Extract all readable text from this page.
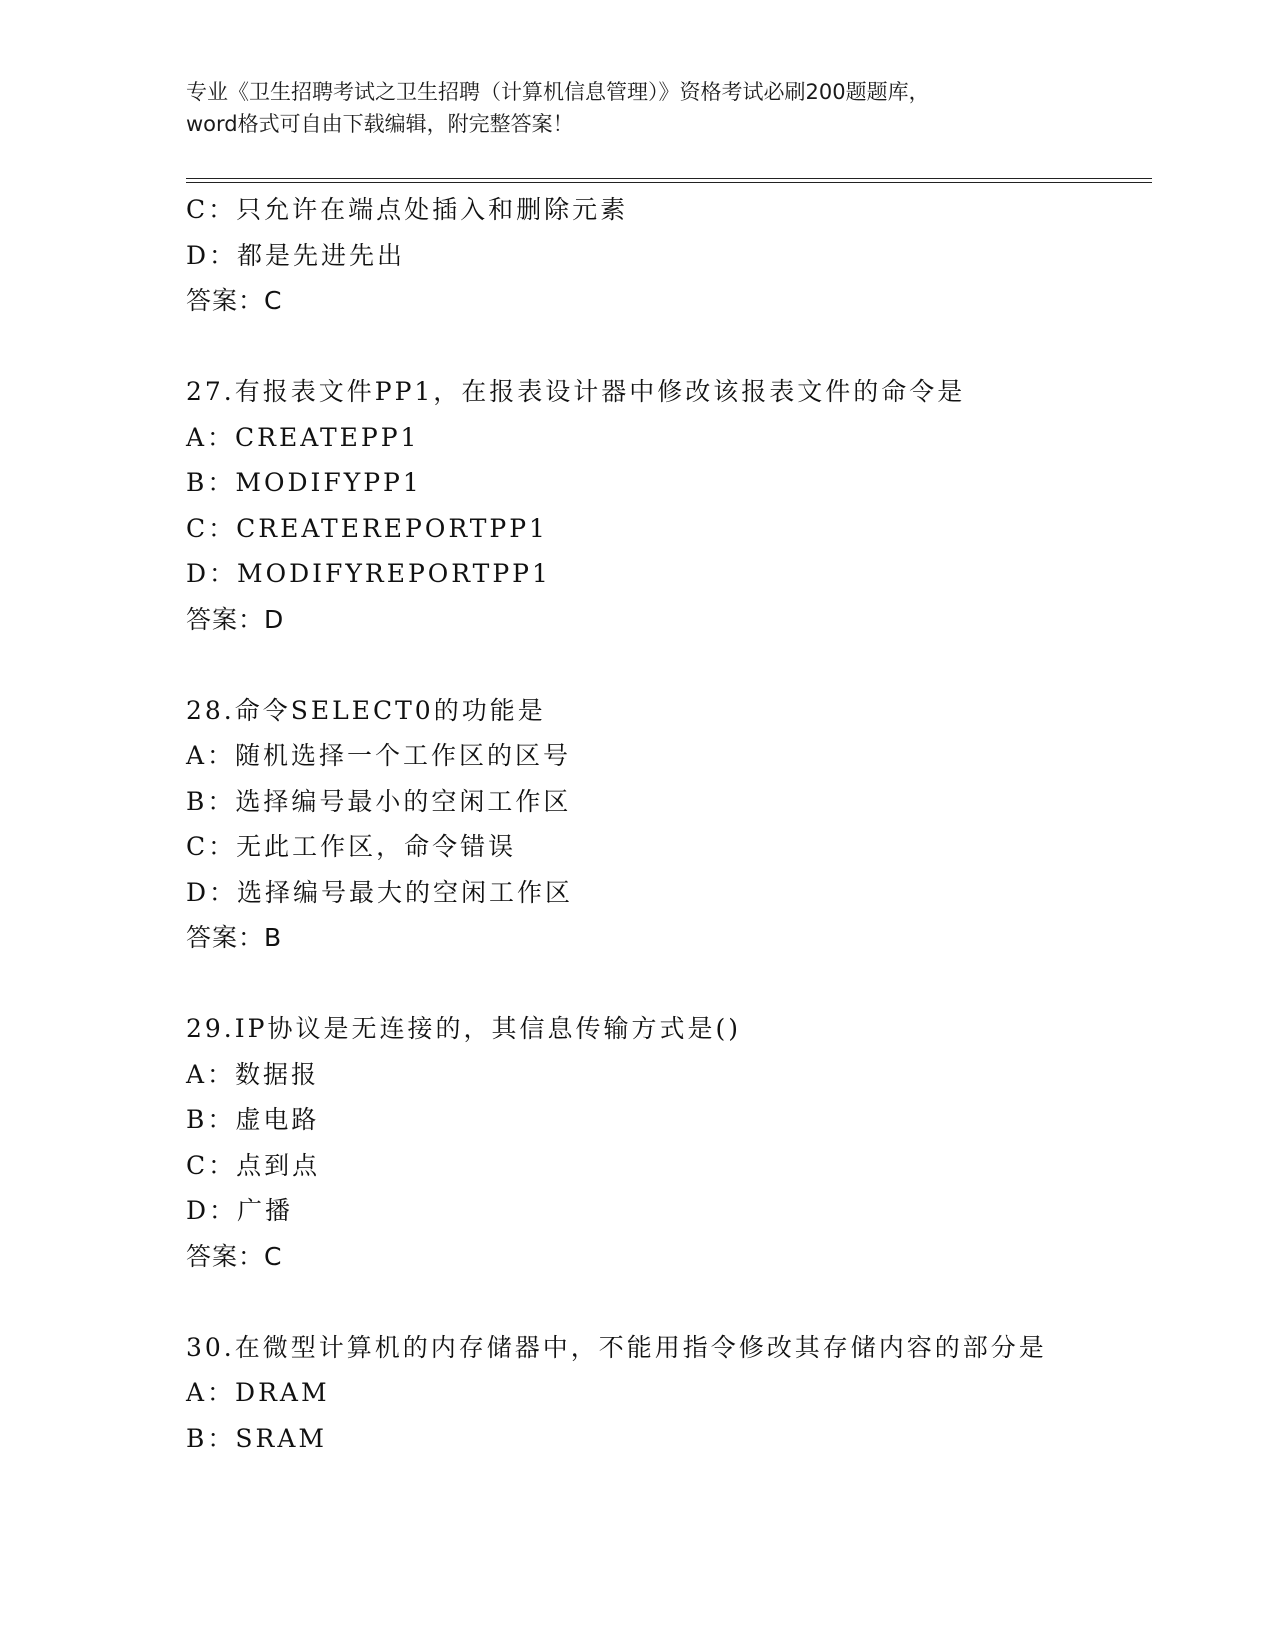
专业《卫生招聘考试之卫生招聘（计算机信息管理）》资格考试必刷200题题库，
word格式可自由下载编辑，附完整答案！
C：只允许在端点处插入和删除元素
D：都是先进先出
答案：C
27.有报表文件PP1，在报表设计器中修改该报表文件的命令是
A：CREATEPP1
B：MODIFYPP1
C：CREATEREPORTPP1
D：MODIFYREPORTPP1
答案：D
28.命令SELECT0的功能是
A：随机选择一个工作区的区号
B：选择编号最小的空闲工作区
C：无此工作区，命令错误
D：选择编号最大的空闲工作区
答案：B
29.IP协议是无连接的，其信息传输方式是()
A：数据报
B：虚电路
C：点到点
D：广播
答案：C
30.在微型计算机的内存储器中，不能用指令修改其存储内容的部分是
A：DRAM
B：SRAM
